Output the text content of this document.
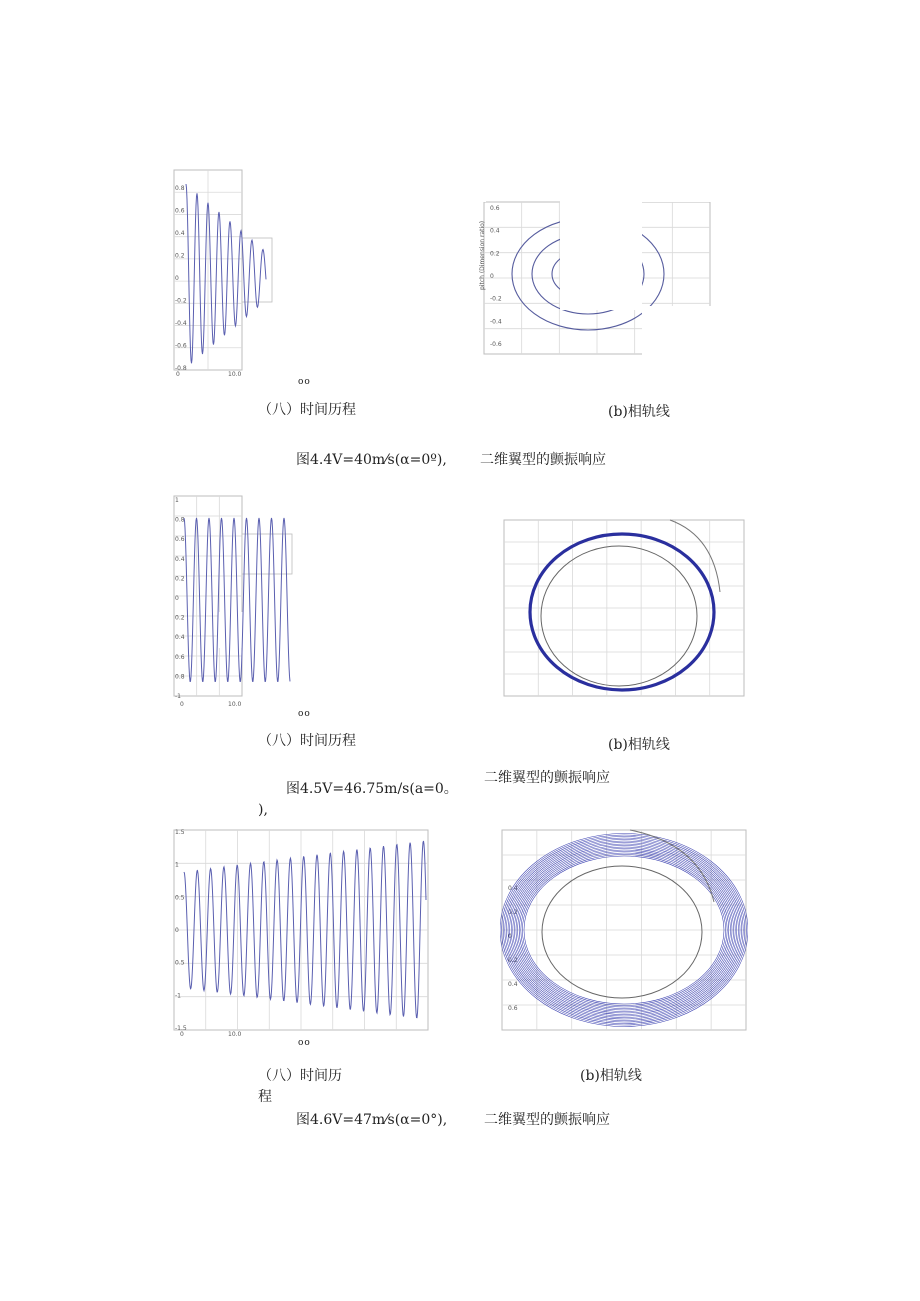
0.8
0.6
0.4
0.2
0
-0.2
-0.4
-0.6
-0.8
0	10.0
oo
pitch (Dimension ratio)
0.6
0.4
0.2
0
-0.2
-0.4
-0.6
（八）时间历程	(b)相轨线
图4.4V=40m⁄s(α=0º), 二维翼型的颤振响应
1
0.8
0.6
0.4
0.2
0
0.2
0.4
0.6
0.8
-1
0	10.0
oo
（八）时间历程	(b)相轨线
二维翼型的颤振响应
图4.5V=46.75m/s(a=0。
),
1.5
1
0.5
0
0.5
-1
-1.5
0	10.0
oo
0.4
0.2
0
0.2
0.4
0.6
（八）时间历
程
(b)相轨线
图4.6V=47m⁄s(α=0°),	二维翼型的颤振响应
